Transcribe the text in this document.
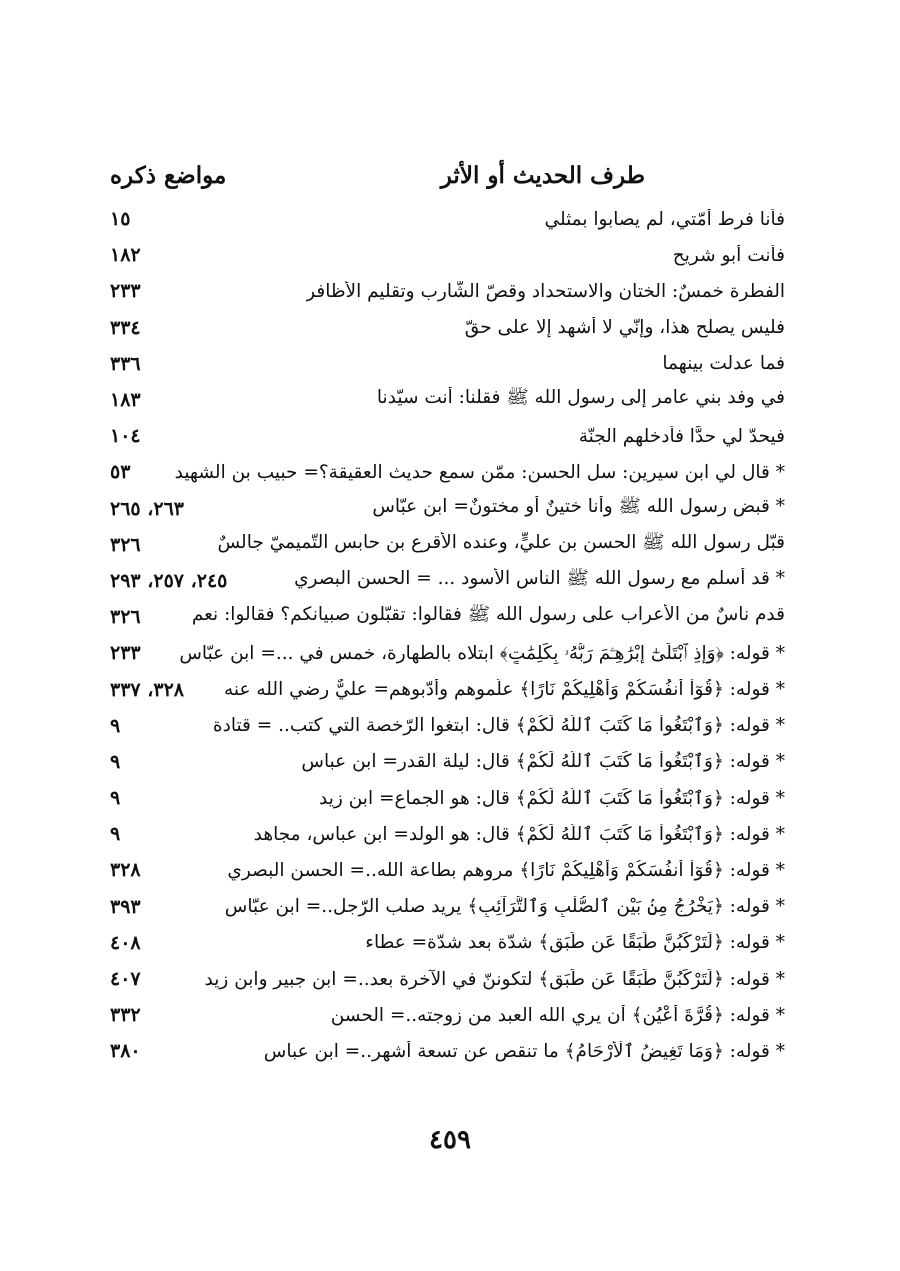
طرف الحديث أو الأثر
مواضع ذكره
فأنا فرط أمّتي، لم يصابوا بمثلي
١٥
فأنت أبو شريح
١٨٢
الفطرة خمسٌ: الختان والاستحداد وقصّ الشّارب وتقليم الأظافر
٢٣٣
فليس يصلح هذا، وإنّي لا أشهد إلا على حقّ
٣٣٤
فما عدلت بينهما
٣٣٦
في وفد بني عامر إلى رسول الله ﷺ فقلنا: أنت سيّدنا
١٨٣
فيحدّ لي حدًّا فأدخلهم الجنّة
١٠٤
* قال لي ابن سيرين: سل الحسن: ممّن سمع حديث العقيقة؟= حبيب بن الشهيد
٥٣
* قبض رسول الله ﷺ وأنا ختينٌ أو مختونٌ= ابن عبّاس
٢٦٣، ٢٦٥
قبّل رسول الله ﷺ الحسن بن عليٍّ، وعنده الأقرع بن حابس التّميميّ جالسٌ
٣٢٦
* قد أسلم مع رسول الله ﷺ الناس الأسود ... = الحسن البصري
٢٤٥، ٢٥٧، ٢٩٣
قدم ناسٌ من الأعراب على رسول الله ﷺ فقالوا: تقبّلون صبيانكم؟ فقالوا: نعم
٣٢٦
* قوله: ﴿وَإِذِ ٱبْتَلَىٰٓ إِبْرَٰهِـۧمَ رَبُّهُۥ بِكَلِمَٰتٍ﴾ ابتلاه بالطهارة، خمس في ...= ابن عبّاس
٢٣٣
* قوله: ﴿قُوٓاْ أَنفُسَكُمْ وَأَهْلِيكُمْ نَارًا﴾ علّموهم وأدّبوهم= عليٌّ رضي الله عنه
٣٢٨، ٣٣٧
* قوله: ﴿وَٱبْتَغُواْ مَا كَتَبَ ٱللَّهُ لَكُمْ﴾ قال: ابتغوا الرّخصة التي كتب.. = قتادة
٩
* قوله: ﴿وَٱبْتَغُواْ مَا كَتَبَ ٱللَّهُ لَكُمْ﴾ قال: ليلة القدر= ابن عباس
٩
* قوله: ﴿وَٱبْتَغُواْ مَا كَتَبَ ٱللَّهُ لَكُمْ﴾ قال: هو الجماع= ابن زيد
٩
* قوله: ﴿وَٱبْتَغُواْ مَا كَتَبَ ٱللَّهُ لَكُمْ﴾ قال: هو الولد= ابن عباس، مجاهد
٩
* قوله: ﴿قُوٓاْ أَنفُسَكُمْ وَأَهْلِيكُمْ نَارًا﴾ مروهم بطاعة الله..= الحسن البصري
٣٢٨
* قوله: ﴿يَخْرُجُ مِنۢ بَيْنِ ٱلصُّلْبِ وَٱلتَّرَآئِبِ﴾ يريد صلب الرّجل..= ابن عبّاس
٣٩٣
* قوله: ﴿لَتَرْكَبُنَّ طَبَقًا عَن طَبَقٍ﴾ شدّة بعد شدّة= عطاء
٤٠٨
* قوله: ﴿لَتَرْكَبُنَّ طَبَقًا عَن طَبَقٍ﴾ لتكوننّ في الآخرة بعد..= ابن جبير وابن زيد
٤٠٧
* قوله: ﴿قُرَّةَ أَعْيُنٍ﴾ أن يري الله العبد من زوجته..= الحسن
٣٣٢
* قوله: ﴿وَمَا تَغِيضُ ٱلْأَرْحَامُ﴾ ما تنقص عن تسعة أشهر..= ابن عباس
٣٨٠
٤٥٩
